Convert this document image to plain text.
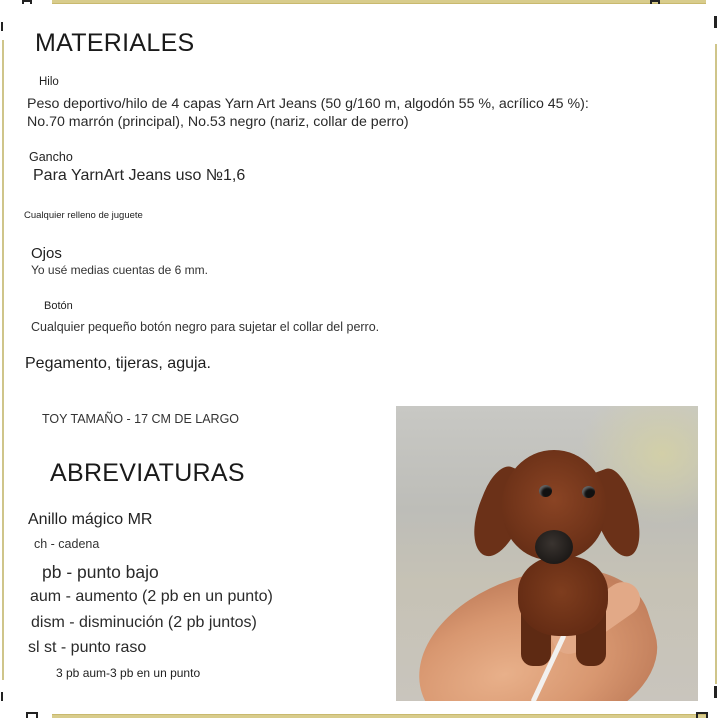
MATERIALES
Hilo
Peso deportivo/hilo de 4 capas Yarn Art Jeans (50 g/160 m, algodón 55 %, acrílico 45 %):
No.70 marrón (principal), No.53 negro (nariz, collar de perro)
Gancho
Para YarnArt Jeans uso №1,6
Cualquier relleno de juguete
Ojos
Yo usé medias cuentas de 6 mm.
Botón
Cualquier pequeño botón negro para sujetar el collar del perro.
Pegamento, tijeras, aguja.
TOY TAMAÑO - 17 CM DE LARGO
ABREVIATURAS
Anillo mágico MR
ch - cadena
pb - punto bajo
aum - aumento (2 pb en un punto)
dism - disminución (2 pb juntos)
sl st - punto raso
3 pb aum-3 pb en un punto
